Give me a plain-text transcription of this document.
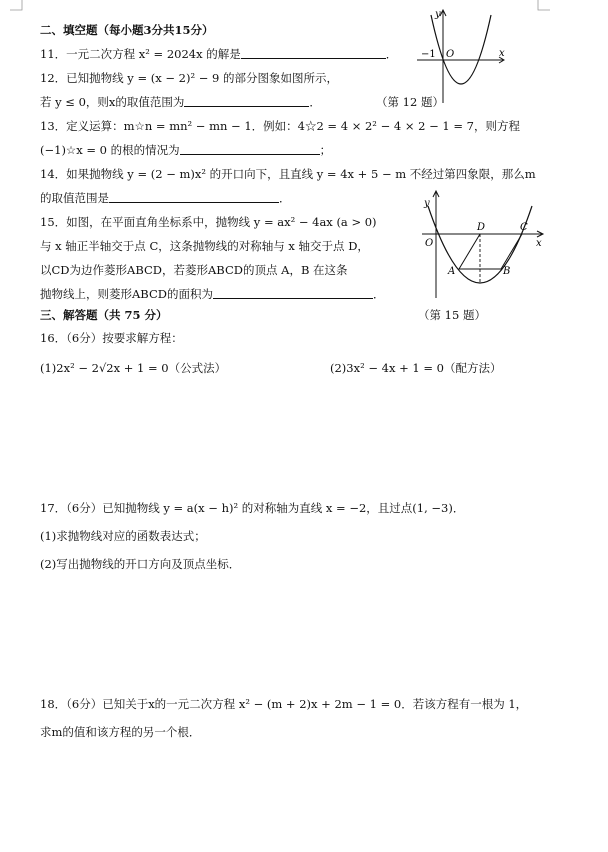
二、填空题（每小题3分共15分）
11．一元二次方程 x² = 2024x 的解是	．
12．已知抛物线 y = (x − 2)² − 9 的部分图象如图所示，
若 y ≤ 0，则x的取值范围为	．	（第 12 题）
y
x
−1 O
13．定义运算：m☆n = mn² − mn − 1．例如：4☆2 = 4 × 2² − 4 × 2 − 1 = 7，则方程
(−1)☆x = 0 的根的情况为	；
14．如果抛物线 y = (2 − m)x² 的开口向下，且直线 y = 4x + 5 − m 不经过第四象限，那么m
的取值范围是	．
15．如图，在平面直角坐标系中，抛物线 y = ax² − 4ax (a > 0)
与 x 轴正半轴交于点 C，这条抛物线的对称轴与 x 轴交于点 D，
以CD为边作菱形ABCD，若菱形ABCD的顶点 A，B 在这条
抛物线上，则菱形ABCD的面积为	．
y
x
O
D	C
A	B
三、解答题（共 75 分）	（第 15 题）
16．（6分）按要求解方程：
(1)2x² − 2√2x + 1 = 0（公式法）	(2)3x² − 4x + 1 = 0（配方法）
17．（6分）已知抛物线 y = a(x − h)² 的对称轴为直线 x = −2，且过点(1, −3)．
(1)求抛物线对应的函数表达式；
(2)写出抛物线的开口方向及顶点坐标．
18．（6分）已知关于x的一元二次方程 x² − (m + 2)x + 2m − 1 = 0．若该方程有一根为 1，
求m的值和该方程的另一个根．
